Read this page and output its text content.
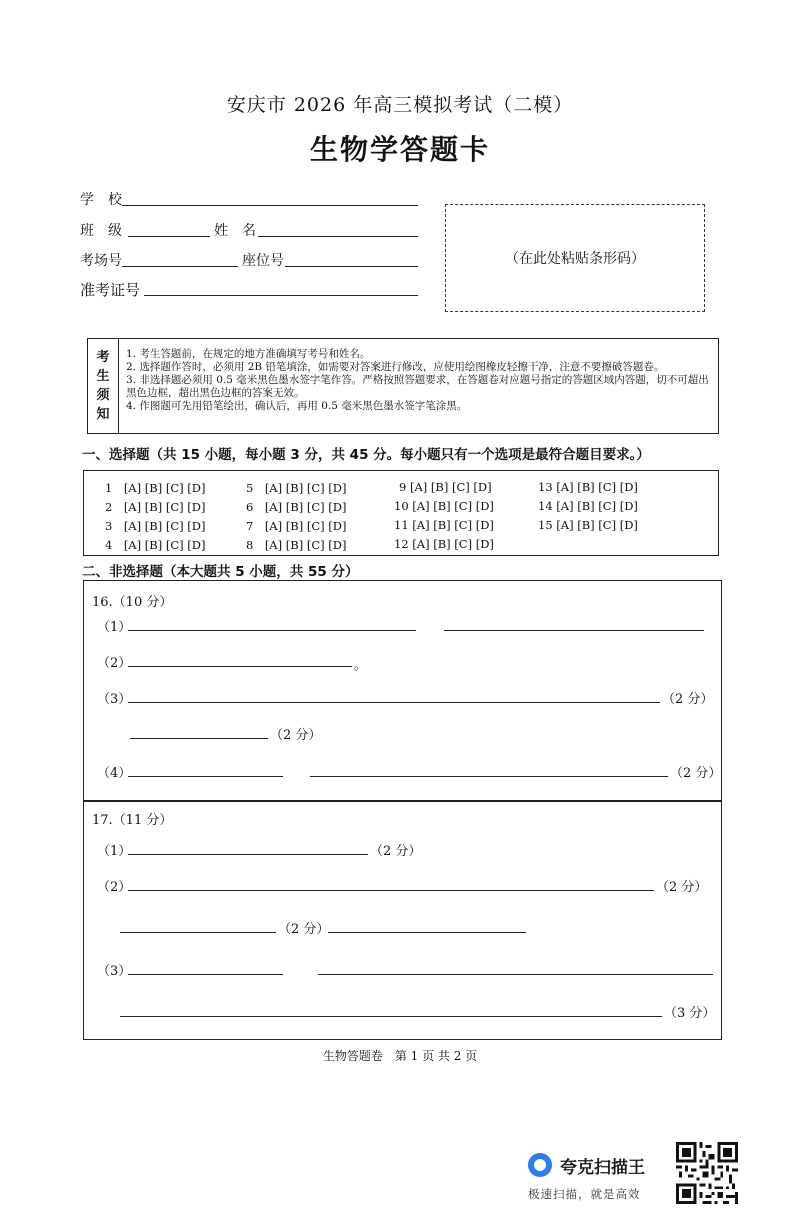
安庆市 2026 年高三模拟考试（二模）
生物学答题卡
学　校
班　级	姓　名
考场号	座位号
准考证号
（在此处粘贴条形码）
考
生
须
知
1. 考生答题前，在规定的地方准确填写考号和姓名。
2. 选择题作答时，必须用 2B 铅笔填涂，如需要对答案进行修改，应使用绘图橡皮轻擦干净，注意不要擦破答题卷。
3. 非选择题必须用 0.5 毫米黑色墨水签字笔作答。严格按照答题要求，在答题卷对应题号指定的答题区域内答题，切不可超出黑色边框，超出黑色边框的答案无效。
4. 作图题可先用铅笔绘出，确认后，再用 0.5 毫米黑色墨水签字笔涂黑。
一、选择题（共 15 小题，每小题 3 分，共 45 分。每小题只有一个选项是最符合题目要求。）
1　[A] [B] [C] [D]	5　[A] [B] [C] [D]	9 [A] [B] [C] [D]	13 [A] [B] [C] [D]
2　[A] [B] [C] [D]	6　[A] [B] [C] [D]	10 [A] [B] [C] [D]	14 [A] [B] [C] [D]
3　[A] [B] [C] [D]	7　[A] [B] [C] [D]	11 [A] [B] [C] [D]	15 [A] [B] [C] [D]
4　[A] [B] [C] [D]	8　[A] [B] [C] [D]	12 [A] [B] [C] [D]
二、非选择题（本大题共 5 小题，共 55 分）
16.（10 分）
（1）
（2）	。
（3）	（2 分）
（2 分）
（4）	（2 分）
17.（11 分）
（1）	（2 分）
（2）	（2 分）
（2 分）
（3）
（3 分）
生物答题卷　第 1 页 共 2 页
夸克扫描王
极速扫描，就是高效
